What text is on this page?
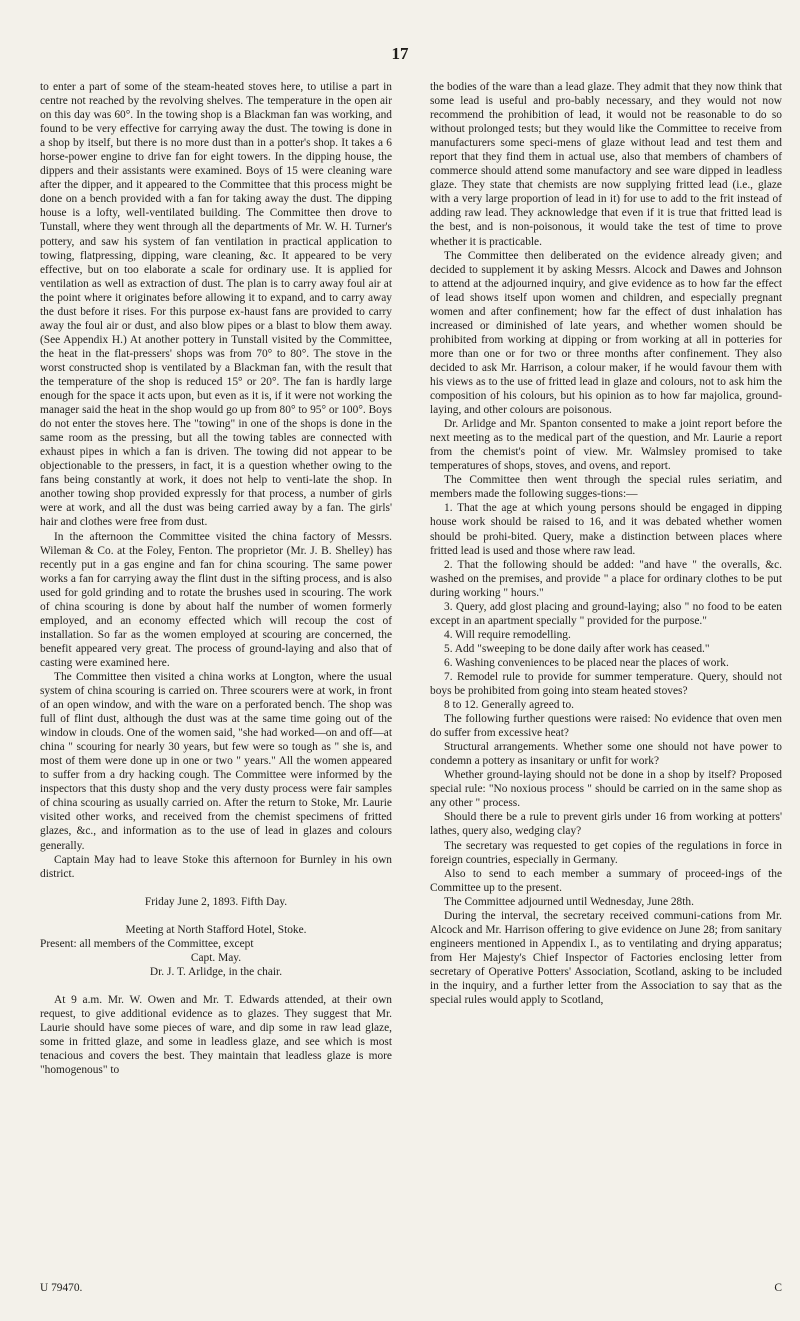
17

to enter a part of some of the steam-heated stoves here, to utilise a part in centre not reached by the revolving shelves. The temperature in the open air on this day was 60°. In the towing shop is a Blackman fan was working, and found to be very effective for carrying away the dust. The towing is done in a shop by itself, but there is no more dust than in a potter's shop. It takes a 6 horse-power engine to drive fan for eight towers. In the dipping house, the dippers and their assistants were examined. Boys of 15 were cleaning ware after the dipper, and it appeared to the Committee that this process might be done on a bench provided with a fan for taking away the dust. The dipping house is a lofty, well-ventilated building. The Committee then drove to Tunstall, where they went through all the departments of Mr. W. H. Turner's pottery, and saw his system of fan ventilation in practical application to towing, flatpressing, dipping, ware cleaning, &c. It appeared to be very effective, but on too elaborate a scale for ordinary use. It is applied for ventilation as well as extraction of dust. The plan is to carry away foul air at the point where it originates before allowing it to expand, and to carry away the dust before it rises. For this purpose ex-haust fans are provided to carry away the foul air or dust, and also blow pipes or a blast to blow them away. (See Appendix H.) At another pottery in Tunstall visited by the Committee, the heat in the flat-pressers' shops was from 70° to 80°. The stove in the worst constructed shop is ventilated by a Blackman fan, with the result that the temperature of the shop is reduced 15° or 20°. The fan is hardly large enough for the space it acts upon, but even as it is, if it were not working the manager said the heat in the shop would go up from 80° to 95° or 100°. Boys do not enter the stoves here. The "towing" in one of the shops is done in the same room as the pressing, but all the towing tables are connected with exhaust pipes in which a fan is driven. The towing did not appear to be objectionable to the pressers, in fact, it is a question whether owing to the fans being constantly at work, it does not help to venti-late the shop. In another towing shop provided expressly for that process, a number of girls were at work, and all the dust was being carried away by a fan. The girls' hair and clothes were free from dust.

In the afternoon the Committee visited the china factory of Messrs. Wileman & Co. at the Foley, Fenton. The proprietor (Mr. J. B. Shelley) has recently put in a gas engine and fan for china scouring. The same power works a fan for carrying away the flint dust in the sifting process, and is also used for gold grinding and to rotate the brushes used in scouring. The work of china scouring is done by about half the number of women formerly employed, and an economy effected which will recoup the cost of installation. So far as the women employed at scouring are concerned, the benefit appeared very great. The process of ground-laying and also that of casting were examined here.

The Committee then visited a china works at Longton, where the usual system of china scouring is carried on. Three scourers were at work, in front of an open window, and with the ware on a perforated bench. The shop was full of flint dust, although the dust was at the same time going out of the window in clouds. One of the women said, "she had worked—on and off—at china " scouring for nearly 30 years, but few were so tough as " she is, and most of them were done up in one or two " years." All the women appeared to suffer from a dry hacking cough. The Committee were informed by the inspectors that this dusty shop and the very dusty process were fair samples of china scouring as usually carried on. After the return to Stoke, Mr. Laurie visited other works, and received from the chemist specimens of fritted glazes, &c., and information as to the use of lead in glazes and colours generally.

Captain May had to leave Stoke this afternoon for Burnley in his own district.

Friday June 2, 1893. Fifth Day.

Meeting at North Stafford Hotel, Stoke.

Present: all members of the Committee, except

Capt. May.

Dr. J. T. Arlidge, in the chair.

At 9 a.m. Mr. W. Owen and Mr. T. Edwards attended, at their own request, to give additional evidence as to glazes. They suggest that Mr. Laurie should have some pieces of ware, and dip some in raw lead glaze, some in fritted glaze, and some in leadless glaze, and see which is most tenacious and covers the best. They maintain that leadless glaze is more "homogenous" to

U 79470.

the bodies of the ware than a lead glaze. They admit that they now think that some lead is useful and pro-bably necessary, and they would not now recommend the prohibition of lead, it would not be reasonable to do so without prolonged tests; but they would like the Committee to receive from manufacturers some speci-mens of glaze without lead and test them and report that they find them in actual use, also that members of chambers of commerce should attend some manufactory and see ware dipped in leadless glaze. They state that chemists are now supplying fritted lead (i.e., glaze with a very large proportion of lead in it) for use to add to the frit instead of adding raw lead. They acknowledge that even if it is true that fritted lead is the best, and is non-poisonous, it would take the test of time to prove whether it is practicable.

The Committee then deliberated on the evidence already given; and decided to supplement it by asking Messrs. Alcock and Dawes and Johnson to attend at the adjourned inquiry, and give evidence as to how far the effect of lead shows itself upon women and children, and especially pregnant women and after confinement; how far the effect of dust inhalation has increased or diminished of late years, and whether women should be prohibited from working at dipping or from working at all in potteries for more than one or for two or three months after confinement. They also decided to ask Mr. Harrison, a colour maker, if he would favour them with his views as to the use of fritted lead in glaze and colours, not to ask him the composition of his colours, but his opinion as to how far majolica, ground-laying, and other colours are poisonous.

Dr. Arlidge and Mr. Spanton consented to make a joint report before the next meeting as to the medical part of the question, and Mr. Laurie a report from the chemist's point of view. Mr. Walmsley promised to take temperatures of shops, stoves, and ovens, and report.

The Committee then went through the special rules seriatim, and members made the following sugges-tions:—

1. That the age at which young persons should be engaged in dipping house work should be raised to 16, and it was debated whether women should be prohi-bited. Query, make a distinction between places where fritted lead is used and those where raw lead.

2. That the following should be added: "and have " the overalls, &c. washed on the premises, and provide " a place for ordinary clothes to be put during working " hours."

3. Query, add glost placing and ground-laying; also " no food to be eaten except in an apartment specially " provided for the purpose."

4. Will require remodelling.

5. Add "sweeping to be done daily after work has ceased."

6. Washing conveniences to be placed near the places of work.

7. Remodel rule to provide for summer temperature. Query, should not boys be prohibited from going into steam heated stoves?

8 to 12. Generally agreed to.

The following further questions were raised: No evidence that oven men do suffer from excessive heat?

Structural arrangements. Whether some one should not have power to condemn a pottery as insanitary or unfit for work?

Whether ground-laying should not be done in a shop by itself? Proposed special rule: "No noxious process " should be carried on in the same shop as any other " process.

Should there be a rule to prevent girls under 16 from working at potters' lathes, query also, wedging clay?

The secretary was requested to get copies of the regulations in force in foreign countries, especially in Germany.

Also to send to each member a summary of proceed-ings of the Committee up to the present.

The Committee adjourned until Wednesday, June 28th.

During the interval, the secretary received communi-cations from Mr. Alcock and Mr. Harrison offering to give evidence on June 28; from sanitary engineers mentioned in Appendix I., as to ventilating and drying apparatus; from Her Majesty's Chief Inspector of Factories enclosing letter from secretary of Operative Potters' Association, Scotland, asking to be included in the inquiry, and a further letter from the Association to say that as the special rules would apply to Scotland,

C
